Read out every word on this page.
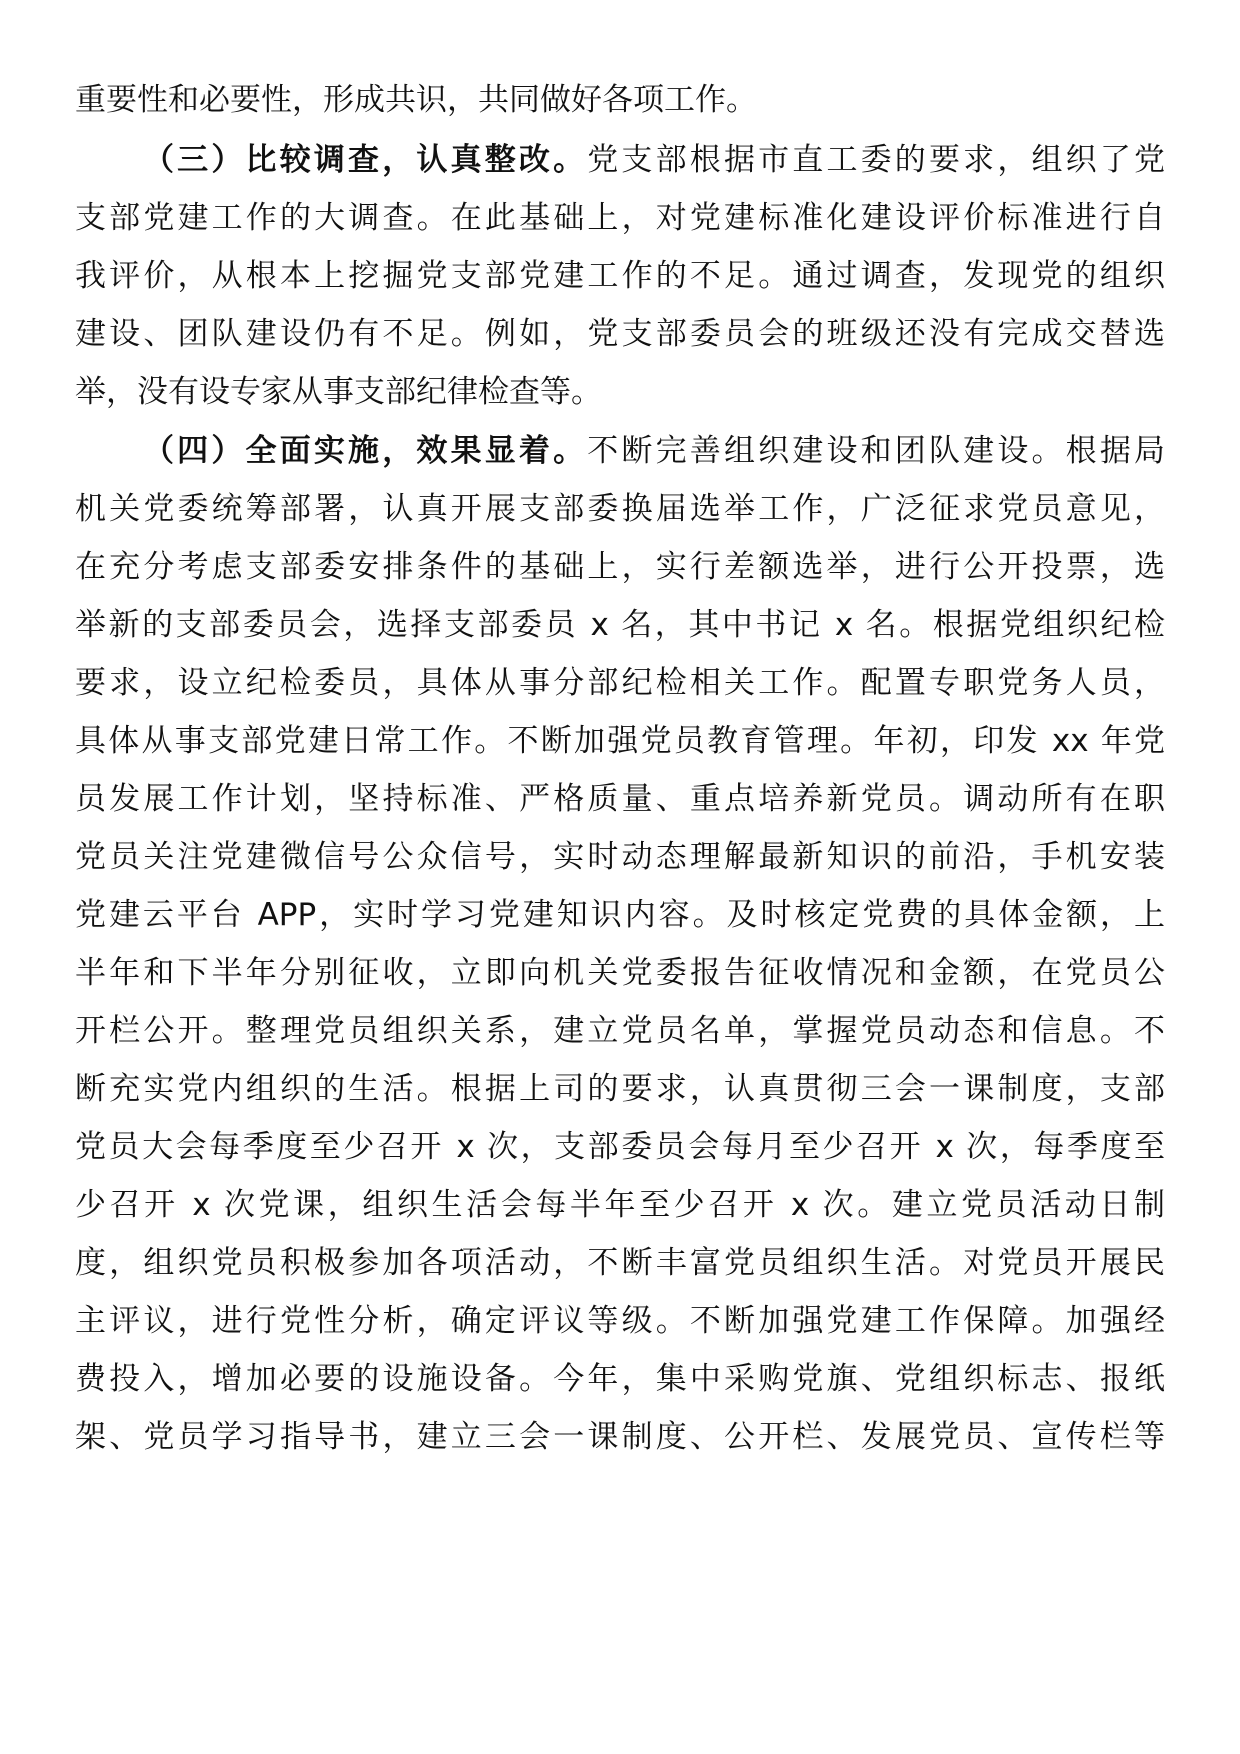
重要性和必要性，形成共识，共同做好各项工作。
（三）比较调查，认真整改。党支部根据市直工委的要求，组织了党
支部党建工作的大调查。在此基础上，对党建标准化建设评价标准进行自
我评价，从根本上挖掘党支部党建工作的不足。通过调查，发现党的组织
建设、团队建设仍有不足。例如，党支部委员会的班级还没有完成交替选
举，没有设专家从事支部纪律检查等。
（四）全面实施，效果显着。不断完善组织建设和团队建设。根据局
机关党委统筹部署，认真开展支部委换届选举工作，广泛征求党员意见，
在充分考虑支部委安排条件的基础上，实行差额选举，进行公开投票，选
举新的支部委员会，选择支部委员 x 名，其中书记 x 名。根据党组织纪检
要求，设立纪检委员，具体从事分部纪检相关工作。配置专职党务人员，
具体从事支部党建日常工作。不断加强党员教育管理。年初，印发 xx 年党
员发展工作计划，坚持标准、严格质量、重点培养新党员。调动所有在职
党员关注党建微信号公众信号，实时动态理解最新知识的前沿，手机安装
党建云平台 APP，实时学习党建知识内容。及时核定党费的具体金额，上
半年和下半年分别征收，立即向机关党委报告征收情况和金额，在党员公
开栏公开。整理党员组织关系，建立党员名单，掌握党员动态和信息。不
断充实党内组织的生活。根据上司的要求，认真贯彻三会一课制度，支部
党员大会每季度至少召开 x 次，支部委员会每月至少召开 x 次，每季度至
少召开 x 次党课，组织生活会每半年至少召开 x 次。建立党员活动日制
度，组织党员积极参加各项活动，不断丰富党员组织生活。对党员开展民
主评议，进行党性分析，确定评议等级。不断加强党建工作保障。加强经
费投入，增加必要的设施设备。今年，集中采购党旗、党组织标志、报纸
架、党员学习指导书，建立三会一课制度、公开栏、发展党员、宣传栏等
